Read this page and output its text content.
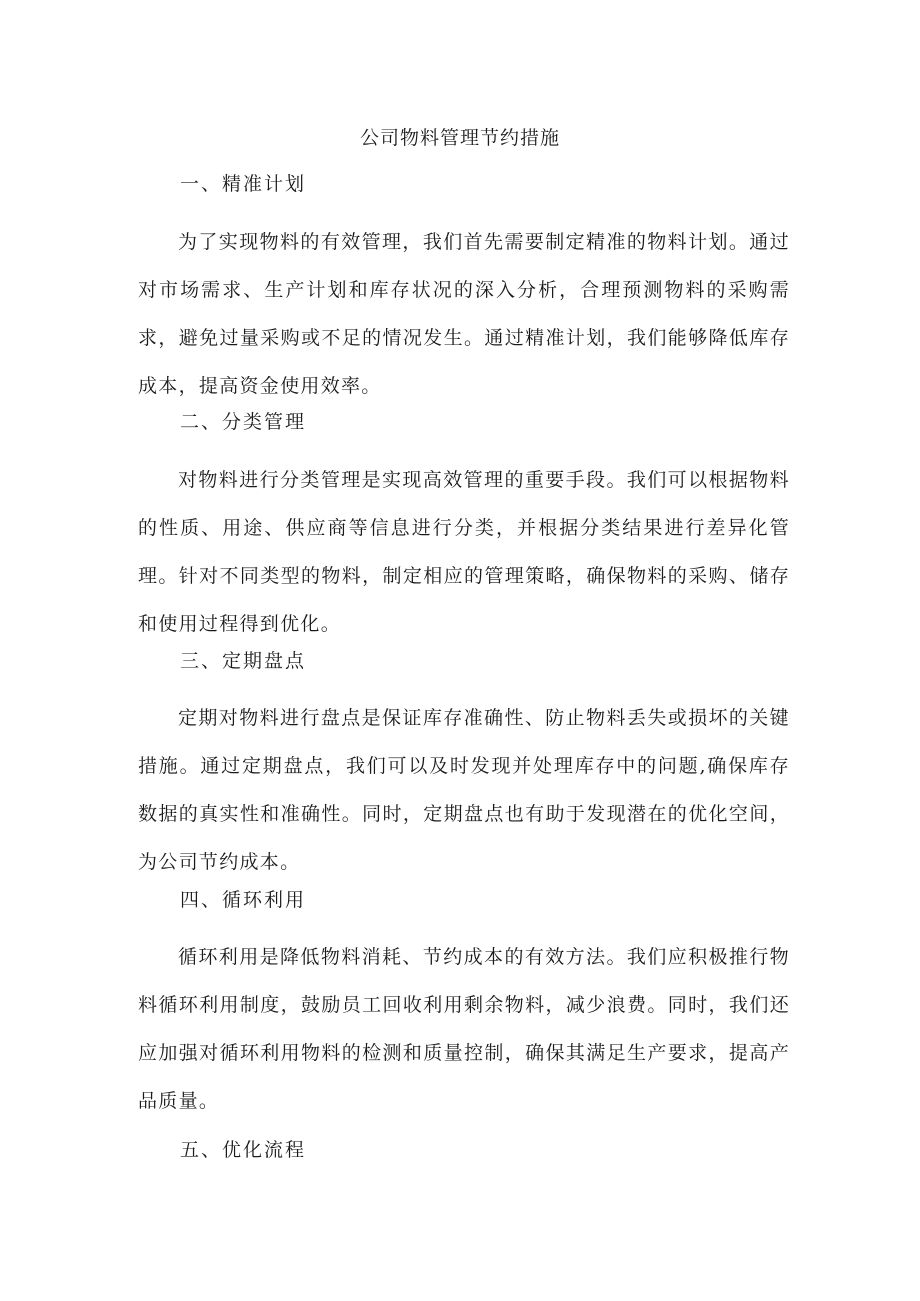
公司物料管理节约措施
一、精准计划

为了实现物料的有效管理，我们首先需要制定精准的物料计划。通过对市场需求、生产计划和库存状况的深入分析，合理预测物料的采购需求，避免过量采购或不足的情况发生。通过精准计划，我们能够降低库存成本，提高资金使用效率。

二、分类管理

对物料进行分类管理是实现高效管理的重要手段。我们可以根据物料的性质、用途、供应商等信息进行分类，并根据分类结果进行差异化管理。针对不同类型的物料，制定相应的管理策略，确保物料的采购、储存和使用过程得到优化。

三、定期盘点

定期对物料进行盘点是保证库存准确性、防止物料丢失或损坏的关键措施。通过定期盘点，我们可以及时发现并处理库存中的问题,确保库存数据的真实性和准确性。同时，定期盘点也有助于发现潜在的优化空间，为公司节约成本。

四、循环利用

循环利用是降低物料消耗、节约成本的有效方法。我们应积极推行物料循环利用制度，鼓励员工回收利用剩余物料，减少浪费。同时，我们还应加强对循环利用物料的检测和质量控制，确保其满足生产要求，提高产品质量。

五、优化流程
